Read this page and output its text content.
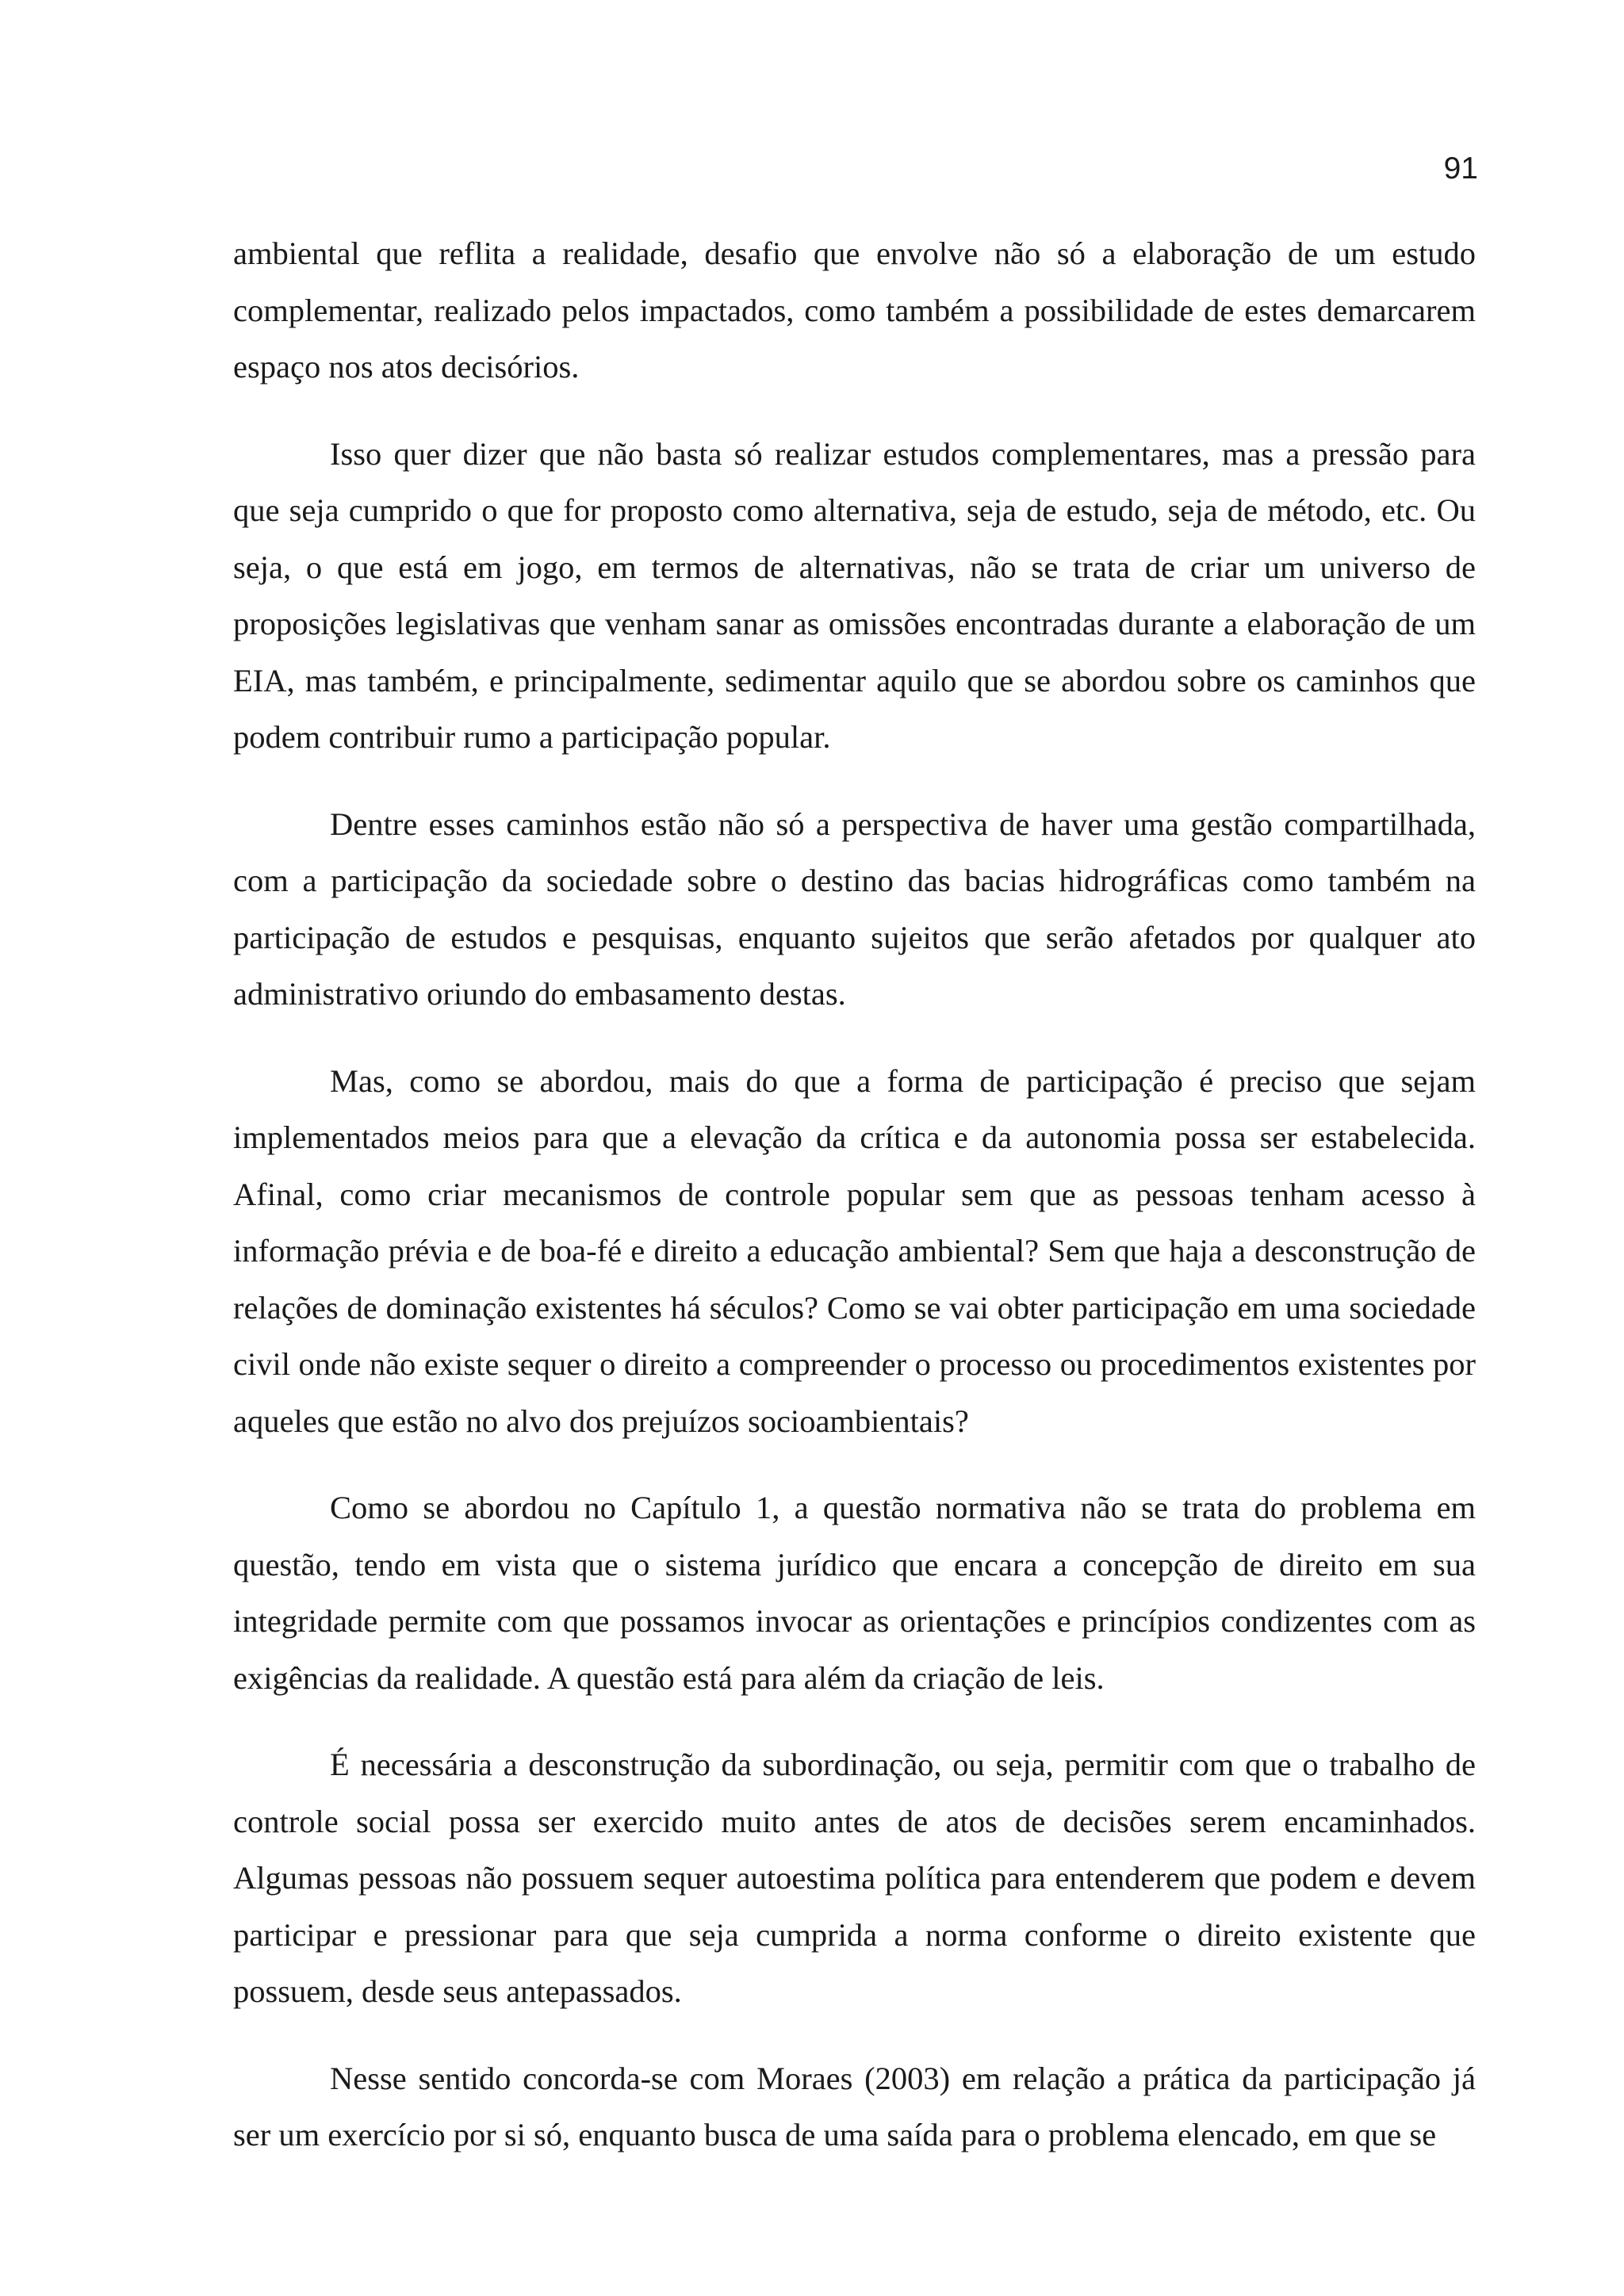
91

ambiental que reflita a realidade, desafio que envolve não só a elaboração de um estudo complementar, realizado pelos impactados, como também a possibilidade de estes demarcarem espaço nos atos decisórios.

Isso quer dizer que não basta só realizar estudos complementares, mas a pressão para que seja cumprido o que for proposto como alternativa, seja de estudo, seja de método, etc. Ou seja, o que está em jogo, em termos de alternativas, não se trata de criar um universo de proposições legislativas que venham sanar as omissões encontradas durante a elaboração de um EIA, mas também, e principalmente, sedimentar aquilo que se abordou sobre os caminhos que podem contribuir rumo a participação popular.

Dentre esses caminhos estão não só a perspectiva de haver uma gestão compartilhada, com a participação da sociedade sobre o destino das bacias hidrográficas como também na participação de estudos e pesquisas, enquanto sujeitos que serão afetados por qualquer ato administrativo oriundo do embasamento destas.

Mas, como se abordou, mais do que a forma de participação é preciso que sejam implementados meios para que a elevação da crítica e da autonomia possa ser estabelecida. Afinal, como criar mecanismos de controle popular sem que as pessoas tenham acesso à informação prévia e de boa-fé e direito a educação ambiental? Sem que haja a desconstrução de relações de dominação existentes há séculos? Como se vai obter participação em uma sociedade civil onde não existe sequer o direito a compreender o processo ou procedimentos existentes por aqueles que estão no alvo dos prejuízos socioambientais?

Como se abordou no Capítulo 1, a questão normativa não se trata do problema em questão, tendo em vista que o sistema jurídico que encara a concepção de direito em sua integridade permite com que possamos invocar as orientações e princípios condizentes com as exigências da realidade. A questão está para além da criação de leis.

É necessária a desconstrução da subordinação, ou seja, permitir com que o trabalho de controle social possa ser exercido muito antes de atos de decisões serem encaminhados. Algumas pessoas não possuem sequer autoestima política para entenderem que podem e devem participar e pressionar para que seja cumprida a norma conforme o direito existente que possuem, desde seus antepassados.

Nesse sentido concorda-se com Moraes (2003) em relação a prática da participação já ser um exercício por si só, enquanto busca de uma saída para o problema elencado, em que se
